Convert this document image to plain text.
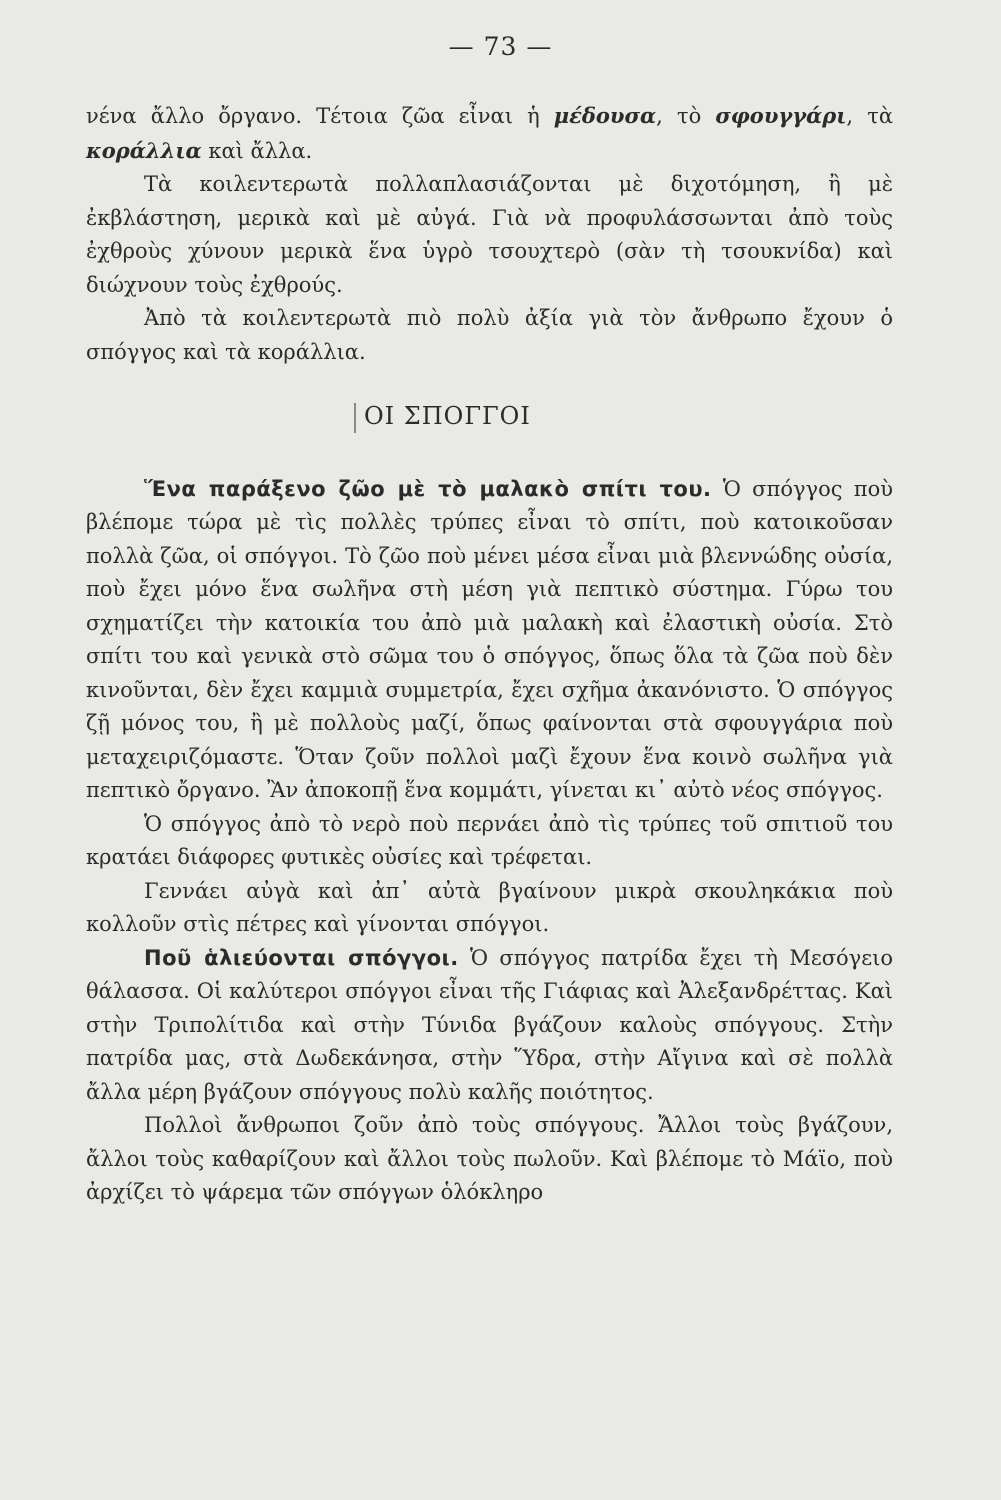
— 73 —

νένα ἄλλο ὄργανο. Τέτοια ζῶα εἶναι ἡ μέδουσα, τὸ σφουγγάρι, τὰ κοράλλια καὶ ἄλλα.

Τὰ κοιλεντερωτὰ πολλαπλασιάζονται μὲ διχοτόμηση, ἢ μὲ ἐκβλάστηση, μερικὰ καὶ μὲ αὐγά. Γιὰ νὰ προφυλάσσωνται ἀπὸ τοὺς ἐχθροὺς χύνουν μερικὰ ἕνα ὑγρὸ τσουχτερὸ (σὰν τὴ τσουκνίδα) καὶ διώχνουν τοὺς ἐχθρούς.

Ἀπὸ τὰ κοιλεντερωτὰ πιὸ πολὺ ἀξία γιὰ τὸν ἄνθρωπο ἔχουν ὁ σπόγγος καὶ τὰ κοράλλια.

ΟΙ ΣΠΟΓΓΟΙ

Ἕνα παράξενο ζῶο μὲ τὸ μαλακὸ σπίτι του. Ὁ σπόγγος ποὺ βλέπομε τώρα μὲ τὶς πολλὲς τρύπες εἶναι τὸ σπίτι, ποὺ κατοικοῦσαν πολλὰ ζῶα, οἱ σπόγγοι. Τὸ ζῶο ποὺ μένει μέσα εἶναι μιὰ βλεννώδης οὐσία, ποὺ ἔχει μόνο ἕνα σωλῆνα στὴ μέση γιὰ πεπτικὸ σύστημα. Γύρω του σχηματίζει τὴν κατοικία του ἀπὸ μιὰ μαλακὴ καὶ ἐλαστικὴ οὐσία. Στὸ σπίτι του καὶ γενικὰ στὸ σῶμα του ὁ σπόγγος, ὅπως ὅλα τὰ ζῶα ποὺ δὲν κινοῦνται, δὲν ἔχει καμμιὰ συμμετρία, ἔχει σχῆμα ἀκανόνιστο. Ὁ σπόγγος ζῇ μόνος του, ἢ μὲ πολλοὺς μαζί, ὅπως φαίνονται στὰ σφουγγάρια ποὺ μεταχειριζόμαστε. Ὅταν ζοῦν πολλοὶ μαζὶ ἔχουν ἕνα κοινὸ σωλῆνα γιὰ πεπτικὸ ὄργανο. Ἂν ἀποκοπῇ ἕνα κομμάτι, γίνεται κι᾿ αὐτὸ νέος σπόγγος.

Ὁ σπόγγος ἀπὸ τὸ νερὸ ποὺ περνάει ἀπὸ τὶς τρύπες τοῦ σπιτιοῦ του κρατάει διάφορες φυτικὲς οὐσίες καὶ τρέφεται.

Γεννάει αὐγὰ καὶ ἀπ᾿ αὐτὰ βγαίνουν μικρὰ σκουληκάκια ποὺ κολλοῦν στὶς πέτρες καὶ γίνονται σπόγγοι.

Ποῦ ἁλιεύονται σπόγγοι. Ὁ σπόγγος πατρίδα ἔχει τὴ Μεσόγειο θάλασσα. Οἱ καλύτεροι σπόγγοι εἶναι τῆς Γιάφιας καὶ Ἀλεξανδρέττας. Καὶ στὴν Τριπολίτιδα καὶ στὴν Τύνιδα βγάζουν καλοὺς σπόγγους. Στὴν πατρίδα μας, στὰ Δωδεκάνησα, στὴν Ὕδρα, στὴν Αἴγινα καὶ σὲ πολλὰ ἄλλα μέρη βγάζουν σπόγγους πολὺ καλῆς ποιότητος.

Πολλοὶ ἄνθρωποι ζοῦν ἀπὸ τοὺς σπόγγους. Ἄλλοι τοὺς βγάζουν, ἄλλοι τοὺς καθαρίζουν καὶ ἄλλοι τοὺς πωλοῦν. Καὶ βλέπομε τὸ Μάϊο, ποὺ ἀρχίζει τὸ ψάρεμα τῶν σπόγγων ὁλόκληρο
